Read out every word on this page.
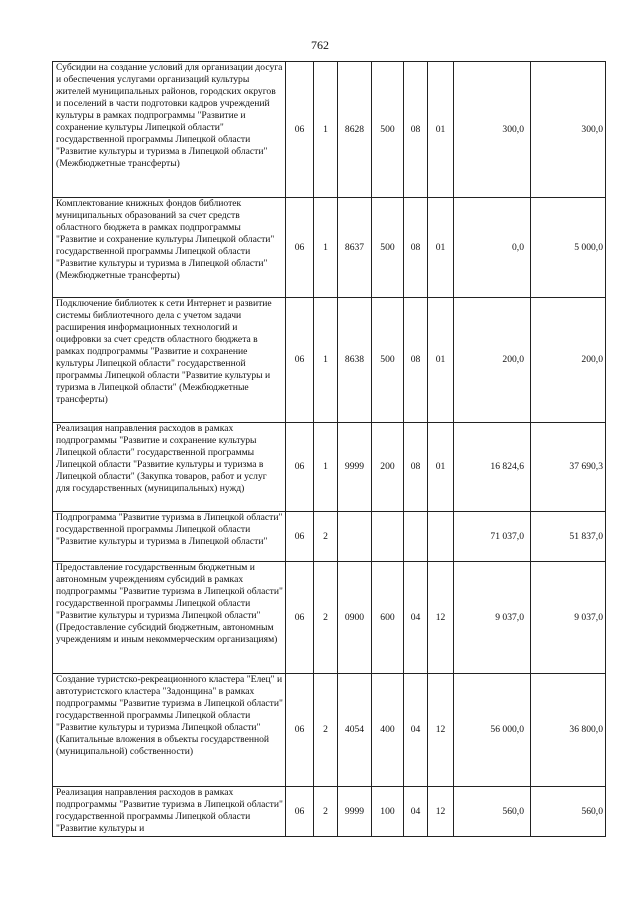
762
Субсидии на создание условий для организации досуга и обеспечения услугами организаций культуры жителей муниципальных районов, городских округов и поселений в части подготовки кадров учреждений культуры в рамках подпрограммы "Развитие и сохранение культуры Липецкой области" государственной программы Липецкой области "Развитие культуры и туризма в Липецкой области" (Межбюджетные трансферты)	06	1	8628	500	08	01	300,0	300,0
Комплектование книжных фондов библиотек муниципальных образований за счет средств областного бюджета в рамках подпрограммы "Развитие и сохранение культуры Липецкой области" государственной программы Липецкой области "Развитие культуры и туризма в Липецкой области" (Межбюджетные трансферты)	06	1	8637	500	08	01	0,0	5 000,0
Подключение библиотек к сети Интернет и развитие системы библиотечного дела с учетом задачи расширения информационных технологий и оцифровки за счет средств областного бюджета в рамках подпрограммы "Развитие и сохранение культуры Липецкой области" государственной программы Липецкой области "Развитие культуры и туризма в Липецкой области" (Межбюджетные трансферты)	06	1	8638	500	08	01	200,0	200,0
Реализация направления расходов в рамках подпрограммы "Развитие и сохранение культуры Липецкой области" государственной программы Липецкой области "Развитие культуры и туризма в Липецкой области" (Закупка товаров, работ и услуг для государственных (муниципальных) нужд)	06	1	9999	200	08	01	16 824,6	37 690,3
Подпрограмма "Развитие туризма в Липецкой области" государственной программы Липецкой области "Развитие культуры и туризма в Липецкой области"	06	2					71 037,0	51 837,0
Предоставление государственным бюджетным и автономным учреждениям субсидий в рамках подпрограммы "Развитие туризма в Липецкой области" государственной программы Липецкой области "Развитие культуры и туризма Липецкой области" (Предоставление субсидий бюджетным, автономным учреждениям и иным некоммерческим организациям)	06	2	0900	600	04	12	9 037,0	9 037,0
Создание туристско-рекреационного кластера "Елец" и автотуристского кластера "Задонщина" в рамках подпрограммы "Развитие туризма в Липецкой области" государственной программы Липецкой области "Развитие культуры и туризма Липецкой области" (Капитальные вложения в объекты государственной (муниципальной) собственности)	06	2	4054	400	04	12	56 000,0	36 800,0
Реализация направления расходов в рамках подпрограммы "Развитие туризма в Липецкой области" государственной программы Липецкой области "Развитие культуры и	06	2	9999	100	04	12	560,0	560,0
